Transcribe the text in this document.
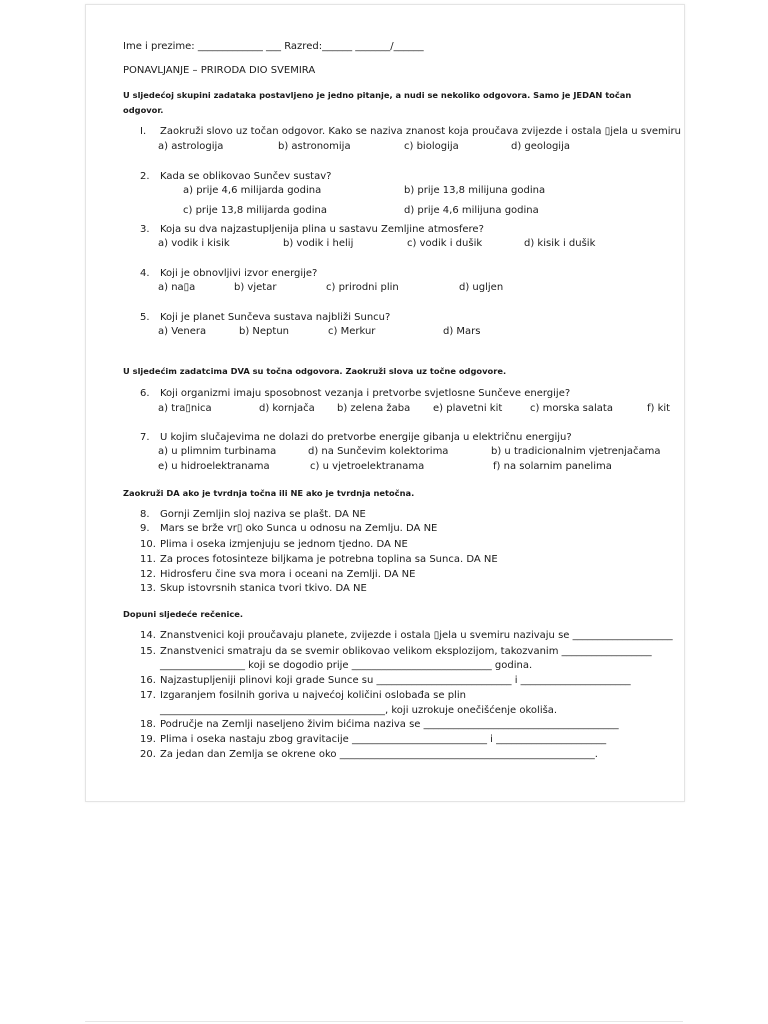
Ime i prezime: _____________ ___ Razred:______ _______/______
PONAVLJANJE – PRIRODA DIO SVEMIRA
U sljedećoj skupini zadataka postavljeno je jedno pitanje, a nudi se nekoliko odgovora. Samo je JEDAN točan
odgovor.
I. Zaokruži slovo uz točan odgovor. Kako se naziva znanost koja proučava zvijezde i ostala ▯jela u svemiru
a) astrologija	b) astronomija	c) biologija	d) geologija
2. Kada se oblikovao Sunčev sustav?
a) prije 4,6 milijarda godina	b) prije 13,8 milijuna godina
c) prije 13,8 milijarda godina	d) prije 4,6 milijuna godina
3. Koja su dva najzastupljenija plina u sastavu Zemljine atmosfere?
a) vodik i kisik	b) vodik i helij	c) vodik i dušik	d) kisik i dušik
4. Koji je obnovljivi izvor energije?
a) na▯a	b) vjetar	c) prirodni plin	d) ugljen
5. Koji je planet Sunčeva sustava najbliži Suncu?
a) Venera	b) Neptun	c) Merkur	d) Mars
U sljedećim zadatcima DVA su točna odgovora. Zaokruži slova uz točne odgovore.
6. Koji organizmi imaju sposobnost vezanja i pretvorbe svjetlosne Sunčeve energije?
a) tra▯nica	d) kornjača b) zelena žaba e) plavetni kit	c) morska salata	f) kit
7. U kojim slučajevima ne dolazi do pretvorbe energije gibanja u električnu energiju?
a) u plimnim turbinama	d) na Sunčevim kolektorima	b) u tradicionalnim vjetrenjačama
e) u hidroelektranama	c) u vjetroelektranama	f) na solarnim panelima
Zaokruži DA ako je tvrdnja točna ili NE ako je tvrdnja netočna.
8. Gornji Zemljin sloj naziva se plašt. DA NE
9. Mars se brže vr▯ oko Sunca u odnosu na Zemlju. DA NE
10. Plima i oseka izmjenjuju se jednom tjedno. DA NE
11. Za proces fotosinteze biljkama je potrebna toplina sa Sunca. DA NE
12. Hidrosferu čine sva mora i oceani na Zemlji. DA NE
13. Skup istovrsnih stanica tvori tkivo. DA NE
Dopuni sljedeće rečenice.
14. Znanstvenici koji proučavaju planete, zvijezde i ostala ▯jela u svemiru nazivaju se ____________________
15. Znanstvenici smatraju da se svemir oblikovao velikom eksplozijom, takozvanim __________________
_________________ koji se dogodio prije ____________________________ godina.
16. Najzastupljeniji plinovi koji grade Sunce su ___________________________ i ______________________
17. Izgaranjem fosilnih goriva u najvećoj količini oslobađa se plin
_____________________________________________, koji uzrokuje onečišćenje okoliša.
18. Područje na Zemlji naseljeno živim bićima naziva se _______________________________________
19. Plima i oseka nastaju zbog gravitacije ___________________________ i ______________________
20. Za jedan dan Zemlja se okrene oko ___________________________________________________.
